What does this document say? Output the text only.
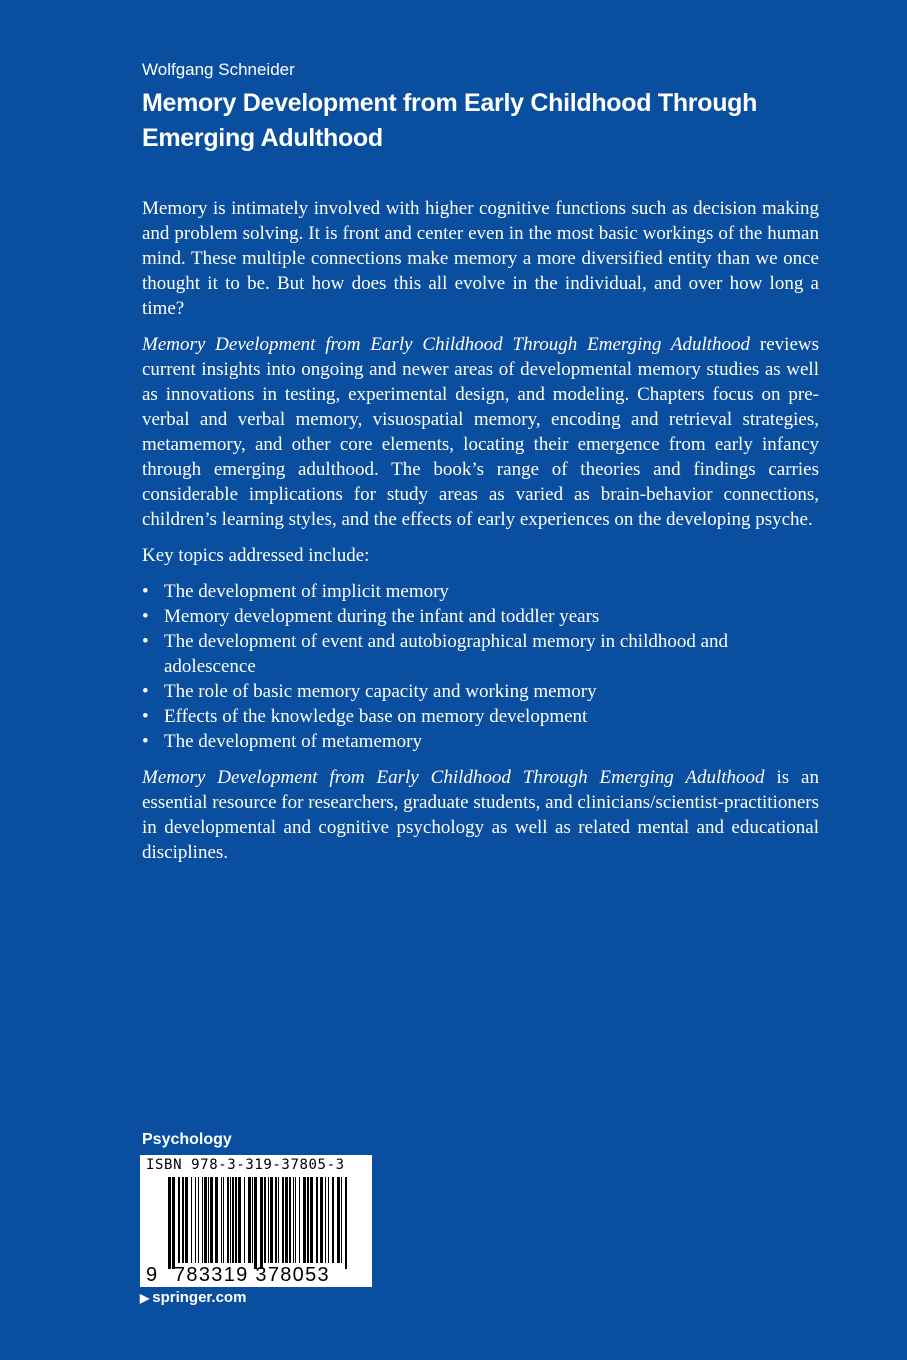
Wolfgang Schneider
Memory Development from Early Childhood Through Emerging Adulthood

Memory is intimately involved with higher cognitive functions such as decision making and problem solving. It is front and center even in the most basic workings of the human mind. These multiple connections make memory a more diversified entity than we once thought it to be. But how does this all evolve in the individual, and over how long a time?

Memory Development from Early Childhood Through Emerging Adulthood reviews current insights into ongoing and newer areas of developmental memory studies as well as innovations in testing, experimental design, and modeling. Chapters focus on pre-verbal and verbal memory, visuospatial memory, encoding and retrieval strategies, metamemory, and other core elements, locating their emergence from early infancy through emerging adulthood. The book’s range of theories and findings carries considerable implications for study areas as varied as brain-behavior connections, children’s learning styles, and the effects of early experiences on the developing psyche.

Key topics addressed include:

• The development of implicit memory
• Memory development during the infant and toddler years
• The development of event and autobiographical memory in childhood and adolescence
• The role of basic memory capacity and working memory
• Effects of the knowledge base on memory development
• The development of metamemory

Memory Development from Early Childhood Through Emerging Adulthood is an essential resource for researchers, graduate students, and clinicians/scientist-practitioners in developmental and cognitive psychology as well as related mental and educational disciplines.

Psychology
ISBN 978-3-319-37805-3
9 783319 378053
▶ springer.com
